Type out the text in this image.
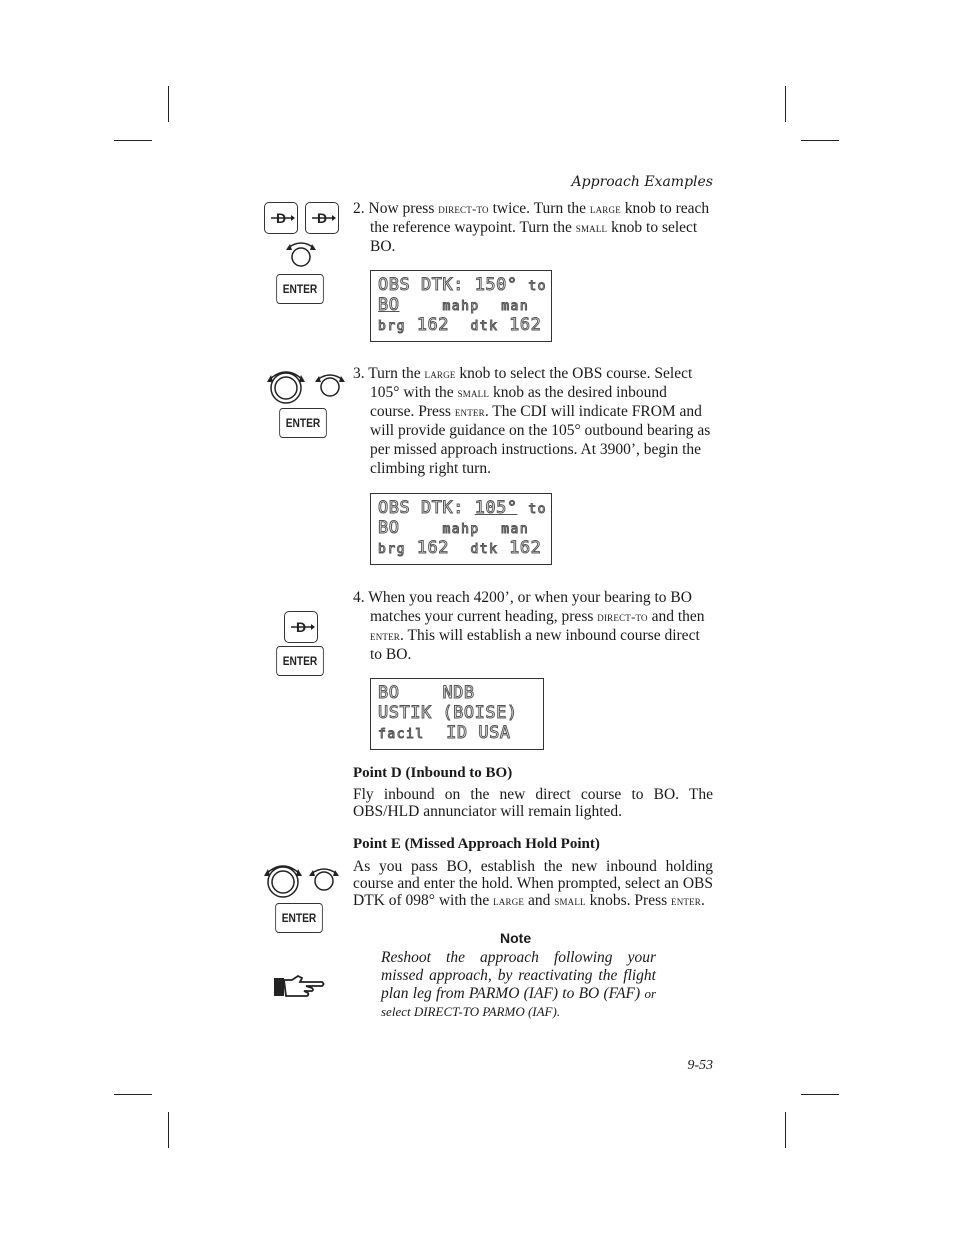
Approach Examples
D D
ENTER
2. Now press direct-to twice. Turn the large knob to reach the reference waypoint. Turn the small knob to select BO.
OBS DTK: 150° to
BO	mahp man
brg 162 dtk 162
ENTER
3. Turn the large knob to select the OBS course. Select 105° with the small knob as the desired inbound course. Press enter. The CDI will indicate FROM and will provide guidance on the 105° outbound bearing as per missed approach instructions. At 3900’, begin the climbing right turn.
OBS DTK: 105° to
BO	mahp man
brg 162 dtk 162
D
ENTER
4. When you reach 4200’, or when your bearing to BO matches your current heading, press direct-to and then enter. This will establish a new inbound course direct to BO.
BO	NDB
USTIK (BOISE)
facil ID USA
Point D (Inbound to BO)
Fly inbound on the new direct course to BO. The OBS/HLD annunciator will remain lighted.
Point E (Missed Approach Hold Point)
ENTER
As you pass BO, establish the new inbound holding course and enter the hold. When prompted, select an OBS DTK of 098° with the large and small knobs. Press enter.
Note
Reshoot the approach following your missed approach, by reactivating the flight plan leg from PARMO (IAF) to BO (FAF) or select DIRECT-TO PARMO (IAF).
9-53
